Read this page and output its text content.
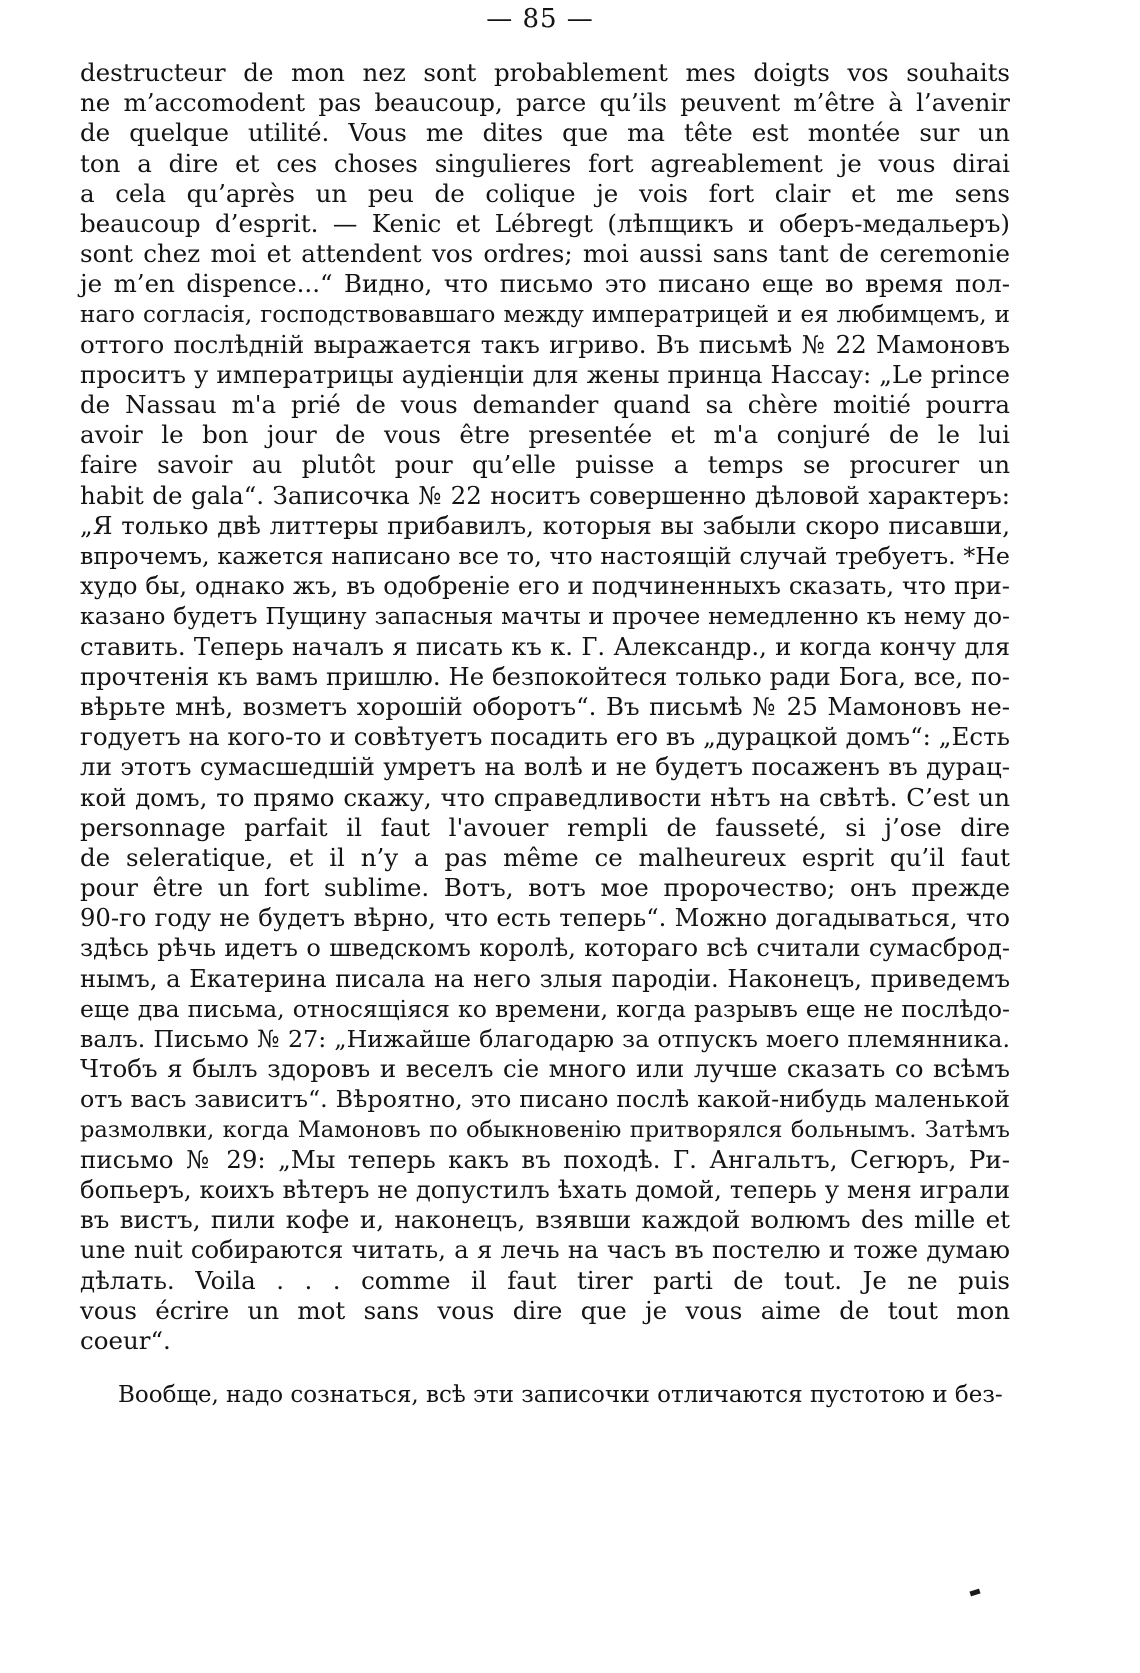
— 85 —
destructeur de mon nez sont probablement mes doigts vos souhaits
ne m’accomodent pas beaucoup, parce qu’ils peuvent m’être à l’avenir
de quelque utilité. Vous me dites que ma tête est montée sur un
ton a dire et ces choses singulieres fort agreablement je vous dirai
a cela qu’après un peu de colique je vois fort clair et me sens
beaucoup d’esprit. — Kenic et Lébregt (лѣпщикъ и оберъ-медальеръ)
sont chez moi et attendent vos ordres; moi aussi sans tant de ceremonie
je m’en dispence...“ Видно, что письмо это писано еще во время пол-
наго согласія, господствовавшаго между императрицей и ея любимцемъ, и
оттого послѣдній выражается такъ игриво. Въ письмѣ № 22 Мамоновъ
проситъ у императрицы аудіенціи для жены принца Нассау: „Le prince
de Nassau m'a prié de vous demander quand sa chère moitié pourra
avoir le bon jour de vous être presentée et m'a conjuré de le lui
faire savoir au plutôt pour qu’elle puisse a temps se procurer un
habit de gala“. Записочка № 22 носитъ совершенно дѣловой характеръ:
„Я только двѣ литтеры прибавилъ, которыя вы забыли скоро писавши,
впрочемъ, кажется написано все то, что настоящій случай требуетъ. *Не
худо бы, однако жъ, въ одобреніе его и подчиненныхъ сказать, что при-
казано будетъ Пущину запасныя мачты и прочее немедленно къ нему до-
ставить. Теперь началъ я писать къ к. Г. Александр., и когда кончу для
прочтенія къ вамъ пришлю. Не безпокойтеся только ради Бога, все, по-
вѣрьте мнѣ, возметъ хорошій оборотъ“. Въ письмѣ № 25 Мамоновъ не-
годуетъ на кого-то и совѣтуетъ посадить его въ „дурацкой домъ“: „Есть
ли этотъ сумасшедшій умретъ на волѣ и не будетъ посаженъ въ дурац-
кой домъ, то прямо скажу, что справедливости нѣтъ на свѣтѣ. C’est un
personnage parfait il faut l'avouer rempli de fausseté, si j’ose dire
de seleratique, et il n’y a pas même ce malheureux esprit qu’il faut
pour être un fort sublime. Вотъ, вотъ мое пророчество; онъ прежде
90-го году не будетъ вѣрно, что есть теперь“. Можно догадываться, что
здѣсь рѣчь идетъ о шведскомъ королѣ, котораго всѣ считали сумасброд-
нымъ, а Екатерина писала на него злыя пародіи. Наконецъ, приведемъ
еще два письма, относящіяся ко времени, когда разрывъ еще не послѣдо-
валъ. Письмо № 27: „Нижайше благодарю за отпускъ моего племянника.
Чтобъ я былъ здоровъ и веселъ сіе много или лучше сказать со всѣмъ
отъ васъ зависитъ“. Вѣроятно, это писано послѣ какой-нибудь маленькой
размолвки, когда Мамоновъ по обыкновенію притворялся больнымъ. Затѣмъ
письмо № 29: „Мы теперь какъ въ походѣ. Г. Ангальтъ, Сегюръ, Ри-
бопьеръ, коихъ вѣтеръ не допустилъ ѣхать домой, теперь у меня играли
въ вистъ, пили кофе и, наконецъ, взявши каждой волюмъ des mille et
une nuit собираются читать, а я лечь на часъ въ постелю и тоже думаю
дѣлать. Voila . . . comme il faut tirer parti de tout. Je ne puis
vous écrire un mot sans vous dire que je vous aime de tout mon
coeur“.
Вообще, надо сознаться, всѣ эти записочки отличаются пустотою и без-
